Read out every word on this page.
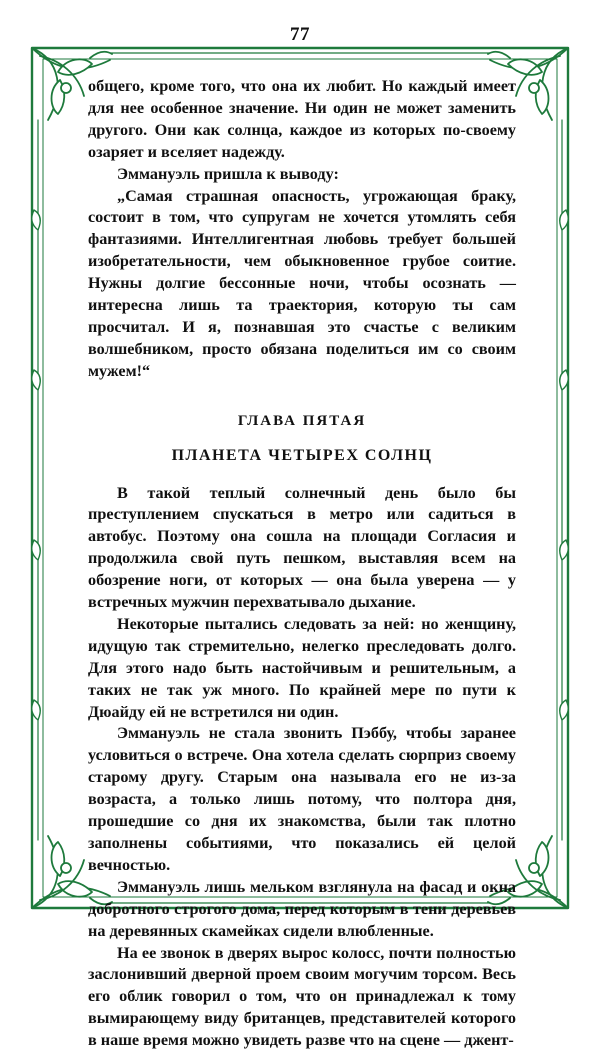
77

общего, кроме того, что она их любит. Но каждый имеет для нее особенное значение. Ни один не может заменить другого. Они как солнца, каждое из которых по-своему озаряет и вселяет надежду.

Эммануэль пришла к выводу:

„Самая страшная опасность, угрожающая браку, состоит в том, что супругам не хочется утомлять себя фантазиями. Интеллигентная любовь требует большей изобретательности, чем обыкновенное грубое соитие. Нужны долгие бессонные ночи, чтобы осознать — интересна лишь та траектория, которую ты сам просчитал. И я, познавшая это счастье с великим волшебником, просто обязана поделиться им со своим мужем!“

ГЛАВА ПЯТАЯ
ПЛАНЕТА ЧЕТЫРЕХ СОЛНЦ

В такой теплый солнечный день было бы преступлением спускаться в метро или садиться в автобус. Поэтому она сошла на площади Согласия и продолжила свой путь пешком, выставляя всем на обозрение ноги, от которых — она была уверена — у встречных мужчин перехватывало дыхание.

Некоторые пытались следовать за ней: но женщину, идущую так стремительно, нелегко преследовать долго. Для этого надо быть настойчивым и решительным, а таких не так уж много. По крайней мере по пути к Дюайду ей не встретился ни один.

Эммануэль не стала звонить Пэббу, чтобы заранее условиться о встрече. Она хотела сделать сюрприз своему старому другу. Старым она называла его не из-за возраста, а только лишь потому, что полтора дня, прошедшие со дня их знакомства, были так плотно заполнены событиями, что показались ей целой вечностью.

Эммануэль лишь мельком взглянула на фасад и окна добротного строгого дома, перед которым в тени деревьев на деревянных скамейках сидели влюбленные.

На ее звонок в дверях вырос колосс, почти полностью заслонивший дверной проем своим могучим торсом. Весь его облик говорил о том, что он принадлежал к тому вымирающему виду британцев, представителей которого в наше время можно увидеть разве что на сцене — джент-
